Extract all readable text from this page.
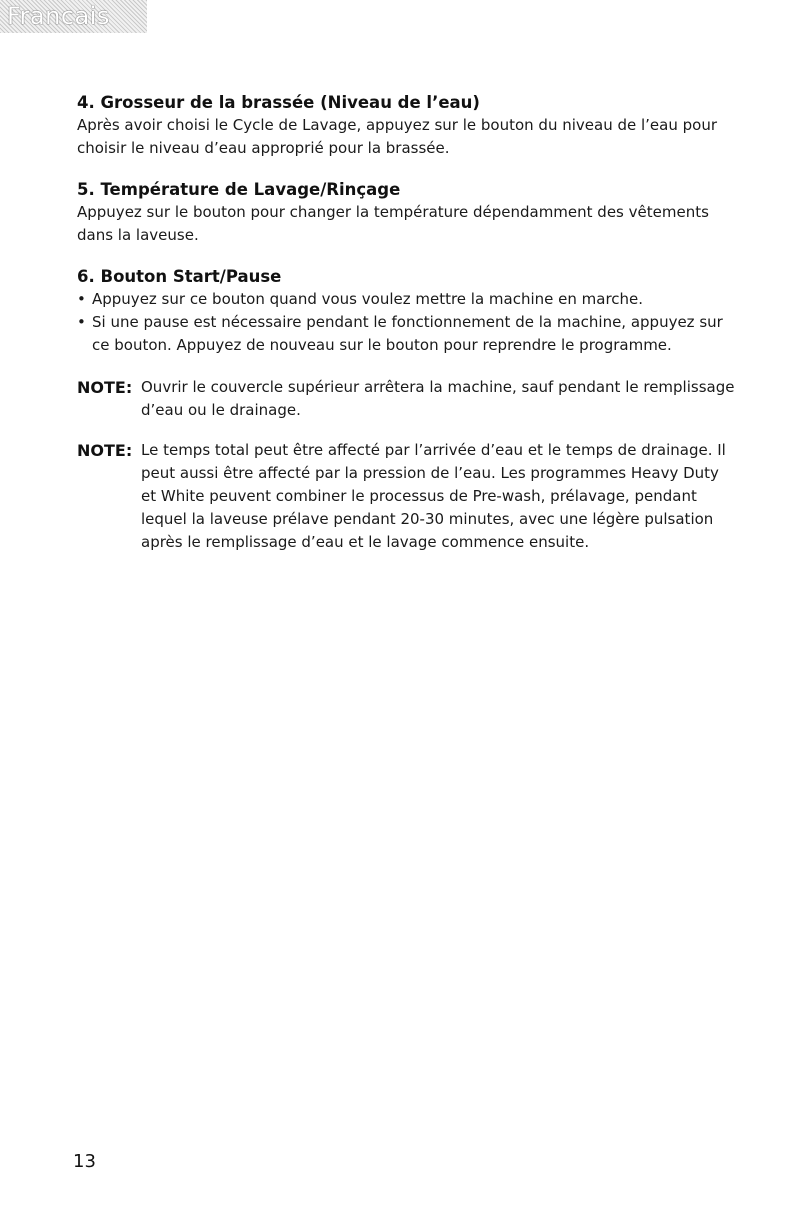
Francais
4. Grosseur de la brassée (Niveau de l’eau)

Après avoir choisi le Cycle de Lavage, appuyez sur le bouton du niveau de l’eau pour choisir le niveau d’eau approprié pour la brassée.

5. Température de Lavage/Rinçage

Appuyez sur le bouton pour changer la température dépendamment des vêtements dans la laveuse.

6. Bouton Start/Pause
• Appuyez sur ce bouton quand vous voulez mettre la machine en marche.
• Si une pause est nécessaire pendant le fonctionnement de la machine, appuyez sur ce bouton. Appuyez de nouveau sur le bouton pour reprendre le programme.
NOTE: Ouvrir le couvercle supérieur arrêtera la machine, sauf pendant le remplissage d’eau ou le drainage.
NOTE: Le temps total peut être affecté par l’arrivée d’eau et le temps de drainage. Il peut aussi être affecté par la pression de l’eau. Les programmes Heavy Duty et White peuvent combiner le processus de Pre-wash, prélavage, pendant lequel la laveuse prélave pendant 20-30 minutes, avec une légère pulsation après le remplissage d’eau et le lavage commence ensuite.
13
